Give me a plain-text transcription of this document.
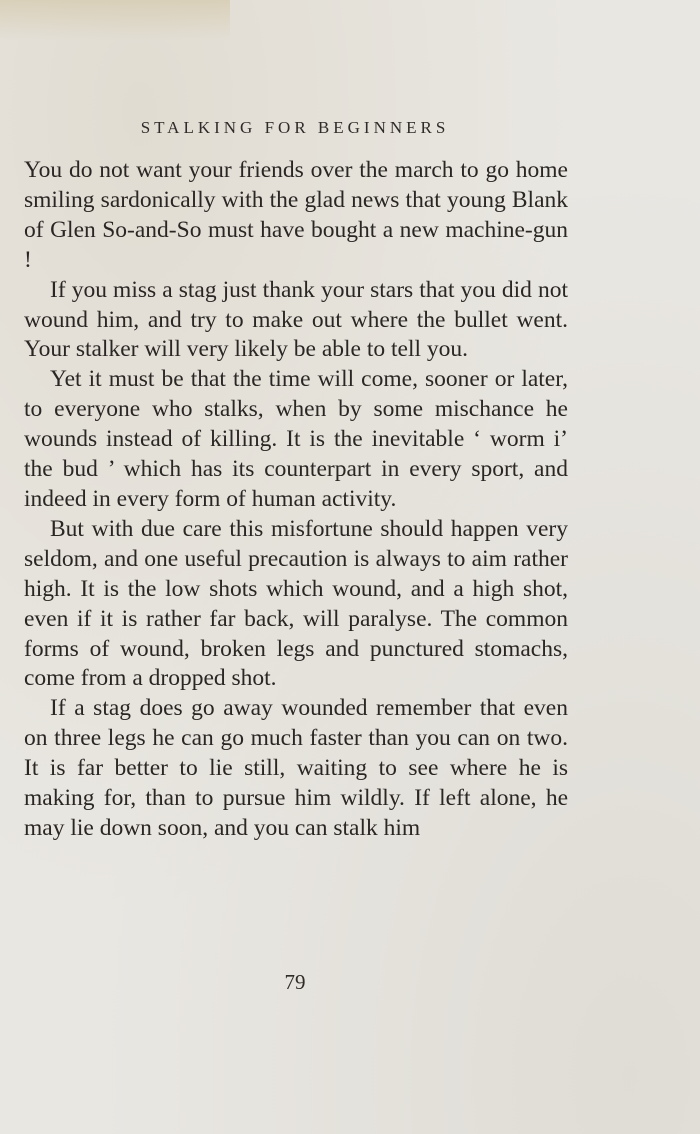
STALKING FOR BEGINNERS

You do not want your friends over the march to go home smiling sardonically with the glad news that young Blank of Glen So-and-So must have bought a new machine-gun !

If you miss a stag just thank your stars that you did not wound him, and try to make out where the bullet went. Your stalker will very likely be able to tell you.

Yet it must be that the time will come, sooner or later, to everyone who stalks, when by some mischance he wounds instead of killing. It is the inevitable ‘ worm i’ the bud ’ which has its counterpart in every sport, and indeed in every form of human activity.

But with due care this misfortune should happen very seldom, and one useful precaution is always to aim rather high. It is the low shots which wound, and a high shot, even if it is rather far back, will paralyse. The common forms of wound, broken legs and punctured stomachs, come from a dropped shot.

If a stag does go away wounded remember that even on three legs he can go much faster than you can on two. It is far better to lie still, waiting to see where he is making for, than to pursue him wildly. If left alone, he may lie down soon, and you can stalk him

79
